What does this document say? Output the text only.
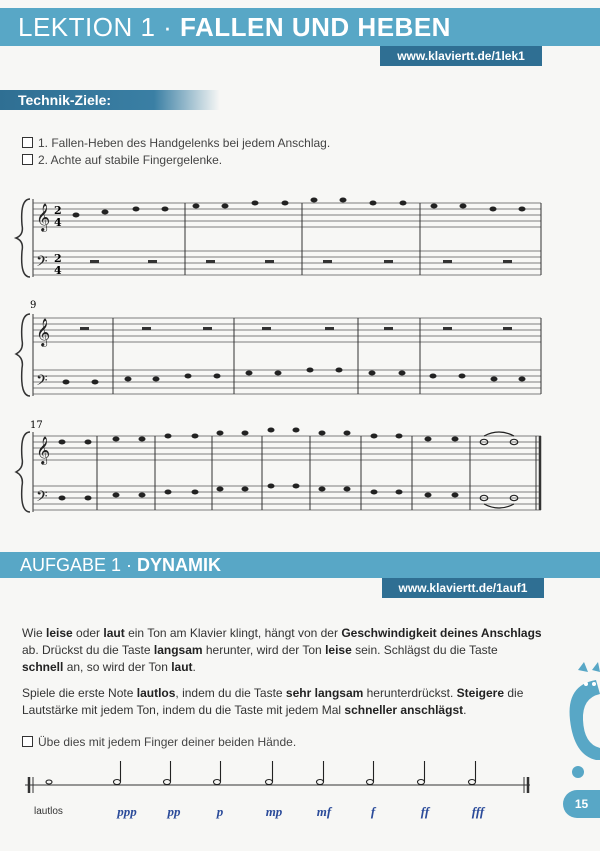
LEKTION 1 · FALLEN UND HEBEN
www.klaviertt.de/1lek1
Technik-Ziele:
1. Fallen-Heben des Handgelenks bei jedem Anschlag.
2. Achte auf stabile Fingergelenke.
𝄞
𝄢
2
4
2
4
9
𝄞
𝄢
17
𝄞
𝄢
AUFGABE 1 · DYNAMIK
www.klaviertt.de/1auf1
Wie leise oder laut ein Ton am Klavier klingt, hängt von der Geschwindigkeit deines Anschlags ab. Drückst du die Taste langsam herunter, wird der Ton leise sein. Schlägst du die Taste schnell an, so wird der Ton laut.
Spiele die erste Note lautlos, indem du die Taste sehr langsam herunterdrückst. Steigere die Lautstärke mit jedem Ton, indem du die Taste mit jedem Mal schneller anschlägst.
Übe dies mit jedem Finger deiner beiden Hände.
lautlos	ppp	pp	p	mp	mf	f	ff	fff	15
